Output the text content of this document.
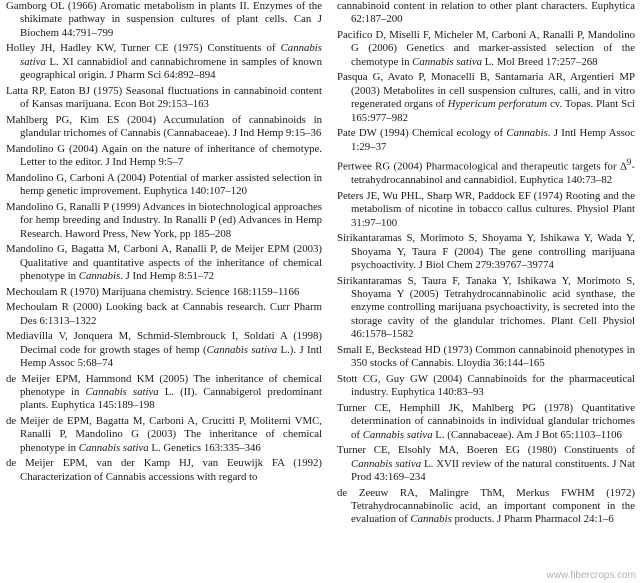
Gamborg OL (1966) Aromatic metabolism in plants II. Enzymes of the shikimate pathway in suspension cultures of plant cells. Can J Biochem 44:791–799

Holley JH, Hadley KW, Turner CE (1975) Constituents of Cannabis sativa L. XI cannabidiol and cannabichromene in samples of known geographical origin. J Pharm Sci 64:892–894

Latta RP, Eaton BJ (1975) Seasonal fluctuations in cannabinoid content of Kansas marijuana. Econ Bot 29:153–163

Mahlberg PG, Kim ES (2004) Accumulation of cannabinoids in glandular trichomes of Cannabis (Cannabaceae). J Ind Hemp 9:15–36

Mandolino G (2004) Again on the nature of inheritance of chemotype. Letter to the editor. J Ind Hemp 9:5–7

Mandolino G, Carboni A (2004) Potential of marker assisted selection in hemp genetic improvement. Euphytica 140:107–120

Mandolino G, Ranalli P (1999) Advances in biotechnological approaches for hemp breeding and Industry. In Ranalli P (ed) Advances in Hemp Research. Haword Press, New York, pp 185–208

Mandolino G, Bagatta M, Carboni A, Ranalli P, de Meijer EPM (2003) Qualitative and quantitative aspects of the inheritance of chemical phenotype in Cannabis. J Ind Hemp 8:51–72

Mechoulam R (1970) Marijuana chemistry. Science 168:1159–1166

Mechoulam R (2000) Looking back at Cannabis research. Curr Pharm Des 6:1313–1322

Mediavilla V, Jonquera M, Schmid-Slembrouck I, Soldati A (1998) Decimal code for growth stages of hemp (Cannabis sativa L.). J Intl Hemp Assoc 5:68–74

de Meijer EPM, Hammond KM (2005) The inheritance of chemical phenotype in Cannabis sativa L. (II). Cannabigerol predominant plants. Euphytica 145:189–198

de Meijer de EPM, Bagatta M, Carboni A, Crucitti P, Moliterni VMC, Ranalli P, Mandolino G (2003) The inheritance of chemical phenotype in Cannabis sativa L. Genetics 163:335–346

de Meijer EPM, van der Kamp HJ, van Eeuwijk FA (1992) Characterization of Cannabis accessions with regard to

cannabinoid content in relation to other plant characters. Euphytica 62:187–200

Pacifico D, Miselli F, Micheler M, Carboni A, Ranalli P, Mandolino G (2006) Genetics and marker-assisted selection of the chemotype in Cannabis sativa L. Mol Breed 17:257–268

Pasqua G, Avato P, Monacelli B, Santamaria AR, Argentieri MP (2003) Metabolites in cell suspension cultures, calli, and in vitro regenerated organs of Hypericum perforatum cv. Topas. Plant Sci 165:977–982

Pate DW (1994) Chemical ecology of Cannabis. J Intl Hemp Assoc 1:29–37

Pertwee RG (2004) Pharmacological and therapeutic targets for $\Delta^9$-tetrahydrocannabinol and cannabidiol. Euphytica 140:73–82

Peters JE, Wu PHL, Sharp WR, Paddock EF (1974) Rooting and the metabolism of nicotine in tobacco callus cultures. Physiol Plant 31:97–100

Sirikantaramas S, Morimoto S, Shoyama Y, Ishikawa Y, Wada Y, Shoyama Y, Taura F (2004) The gene controlling marijuana psychoactivity. J Biol Chem 279:39767–39774

Sirikantaramas S, Taura F, Tanaka Y, Ishikawa Y, Morimoto S, Shoyama Y (2005) Tetrahydrocannabinolic acid synthase, the enzyme controlling marijuana psychoactivity, is secreted into the storage cavity of the glandular trichomes. Plant Cell Physiol 46:1578–1582

Small E, Beckstead HD (1973) Common cannabinoid phenotypes in 350 stocks of Cannabis. Lloydia 36:144–165

Stott CG, Guy GW (2004) Cannabinoids for the pharmaceutical industry. Euphytica 140:83–93

Turner CE, Hemphill JK, Mahlberg PG (1978) Quantitative determination of cannabinoids in individual glandular trichomes of Cannabis sativa L. (Cannabaceae). Am J Bot 65:1103–1106

Turner CE, Elsohly MA, Boeren EG (1980) Constituents of Cannabis sativa L. XVII review of the natural constituents. J Nat Prod 43:169–234

de Zeeuw RA, Malingre ThM, Merkus FWHM (1972) Tetrahydrocannabinolic acid, an important component in the evaluation of Cannabis products. J Pharm Pharmacol 24:1–6

www.fibercrops.com
